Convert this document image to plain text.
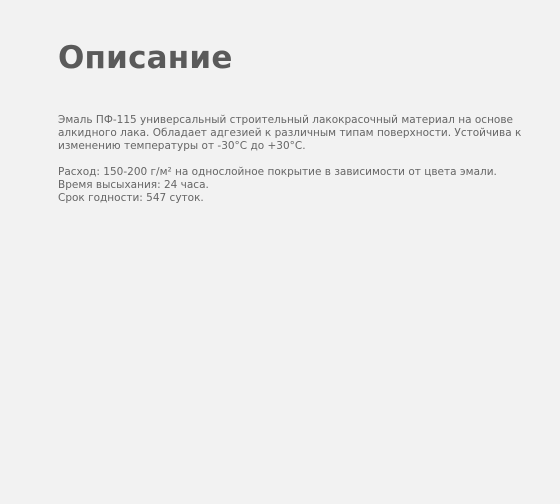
Описание

Эмаль ПФ-115 универсальный строительный лакокрасочный материал на основе
алкидного лака. Обладает адгезией к различным типам поверхности. Устойчива к
изменению температуры от -30°C до +30°C.

Расход: 150-200 г/м² на однослойное покрытие в зависимости от цвета эмали.
Время высыхания: 24 часа.
Срок годности: 547 суток.
